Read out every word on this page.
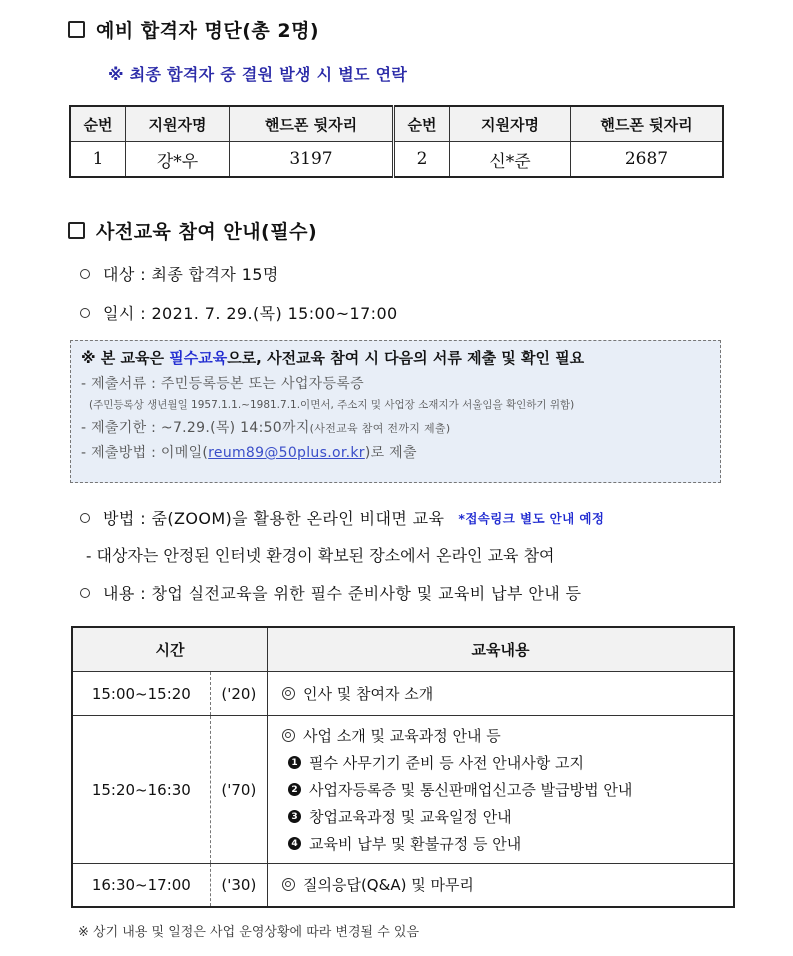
예비 합격자 명단(총 2명)
※ 최종 합격자 중 결원 발생 시 별도 연락
순번	지원자명	핸드폰 뒷자리	순번	지원자명	핸드폰 뒷자리
1	강*우	3197	2	신*준	2687
사전교육 참여 안내(필수)
대상 : 최종 합격자 15명
일시 : 2021. 7. 29.(목) 15:00~17:00
※ 본 교육은 필수교육으로, 사전교육 참여 시 다음의 서류 제출 및 확인 필요
- 제출서류 : 주민등록등본 또는 사업자등록증
(주민등록상 생년월일 1957.1.1.~1981.7.1.이면서, 주소지 및 사업장 소재지가 서울임을 확인하기 위함)
- 제출기한 : ~7.29.(목) 14:50까지(사전교육 참여 전까지 제출)
- 제출방법 : 이메일(reum89@50plus.or.kr)로 제출
방법 : 줌(ZOOM)을 활용한 온라인 비대면 교육 *접속링크 별도 안내 예정
- 대상자는 안정된 인터넷 환경이 확보된 장소에서 온라인 교육 참여
내용 : 창업 실전교육을 위한 필수 준비사항 및 교육비 납부 안내 등
시간		교육내용
15:00~15:20	('20)	인사 및 참여자 소개
15:20~16:30	('70)	
사업 소개 및 교육과정 안내 등
1 필수 사무기기 준비 등 사전 안내사항 고지
2 사업자등록증 및 통신판매업신고증 발급방법 안내
3 창업교육과정 및 교육일정 안내
4 교육비 납부 및 환불규정 등 안내

16:30~17:00	('30)	질의응답(Q&A) 및 마무리
※ 상기 내용 및 일정은 사업 운영상황에 따라 변경될 수 있음
